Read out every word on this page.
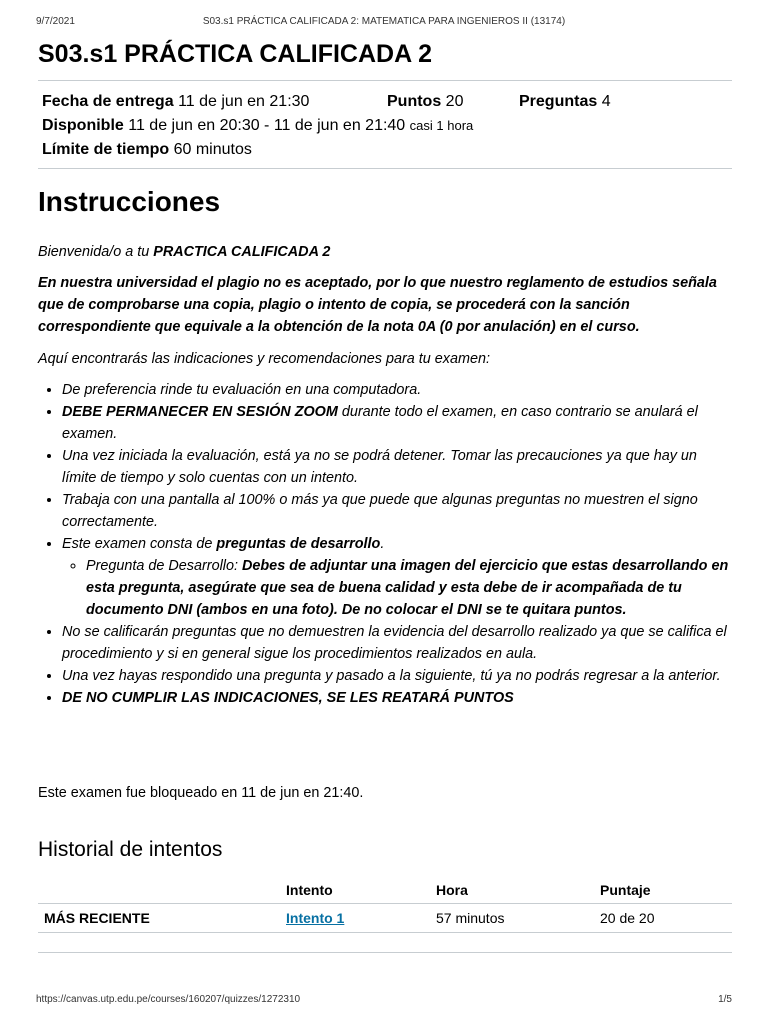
9/7/2021	S03.s1 PRÁCTICA CALIFICADA 2: MATEMATICA PARA INGENIEROS II (13174)
S03.s1 PRÁCTICA CALIFICADA 2
Fecha de entrega 11 de jun en 21:30	Puntos 20	Preguntas 4
Disponible 11 de jun en 20:30 - 11 de jun en 21:40 casi 1 hora
Límite de tiempo 60 minutos
Instrucciones

Bienvenida/o a tu PRACTICA CALIFICADA 2

En nuestra universidad el plagio no es aceptado, por lo que nuestro reglamento de estudios señala que de comprobarse una copia, plagio o intento de copia, se procederá con la sanción correspondiente que equivale a la obtención de la nota 0A (0 por anulación) en el curso.

Aquí encontrarás las indicaciones y recomendaciones para tu examen:

• De preferencia rinde tu evaluación en una computadora.
• DEBE PERMANECER EN SESIÓN ZOOM durante todo el examen, en caso contrario se anulará el examen.
• Una vez iniciada la evaluación, está ya no se podrá detener. Tomar las precauciones ya que hay un límite de tiempo y solo cuentas con un intento.
• Trabaja con una pantalla al 100% o más ya que puede que algunas preguntas no muestren el signo correctamente.
• Este examen consta de preguntas de desarrollo.
◦ Pregunta de Desarrollo: Debes de adjuntar una imagen del ejercicio que estas desarrollando en esta pregunta, asegúrate que sea de buena calidad y esta debe de ir acompañada de tu documento DNI (ambos en una foto). De no colocar el DNI se te quitara puntos.
• No se calificarán preguntas que no demuestren la evidencia del desarrollo realizado ya que se califica el procedimiento y si en general sigue los procedimientos realizados en aula.
• Una vez hayas respondido una pregunta y pasado a la siguiente, tú ya no podrás regresar a la anterior.
• DE NO CUMPLIR LAS INDICACIONES, SE LES REATARÁ PUNTOS
Este examen fue bloqueado en 11 de jun en 21:40.
Historial de intentos
	Intento	Hora	Puntaje
MÁS RECIENTE	Intento 1	57 minutos	20 de 20
https://canvas.utp.edu.pe/courses/160207/quizzes/1272310	1/5
